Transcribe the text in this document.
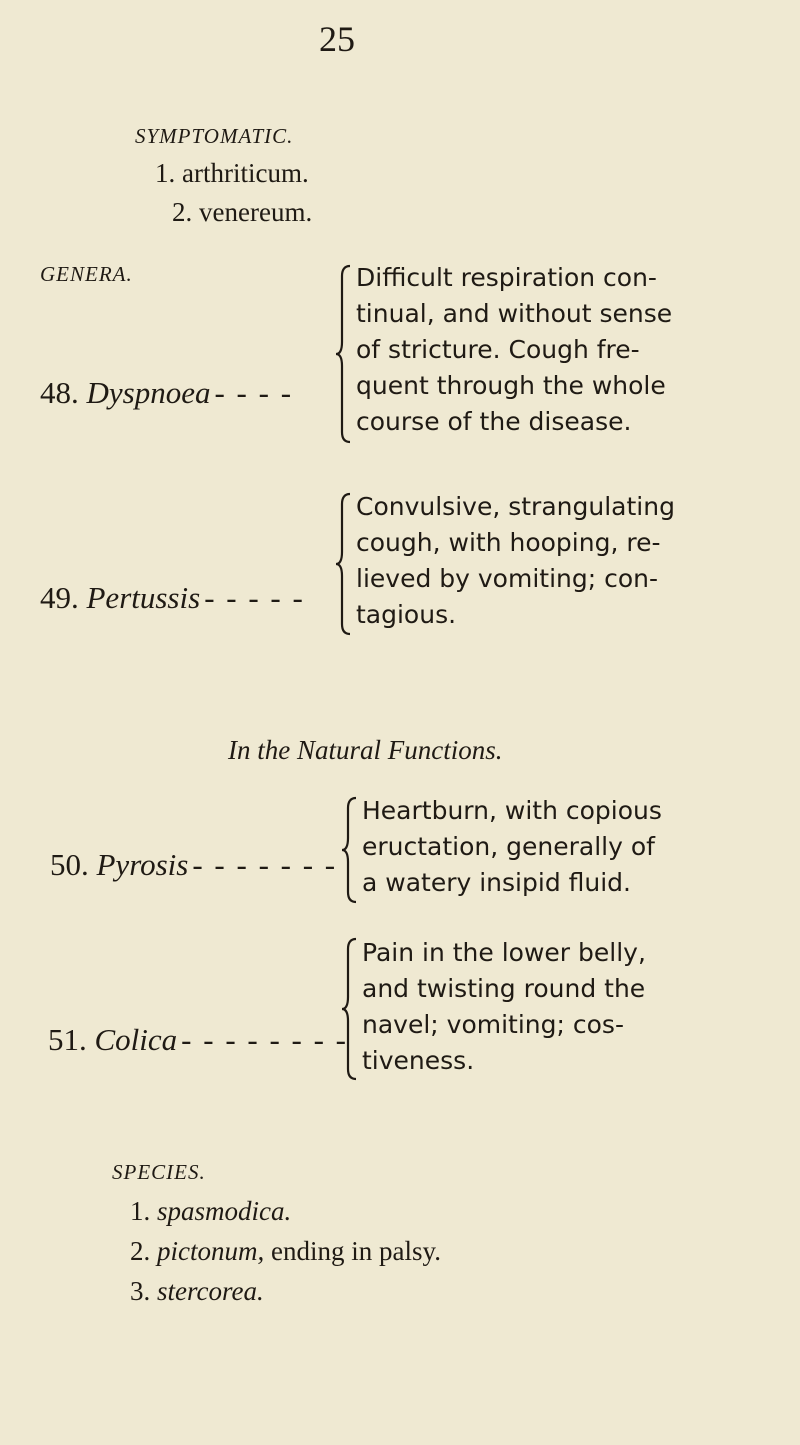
25
SYMPTOMATIC.
1. arthriticum.
2. venereum.
GENERA.
48. Dyspnoea - - - -
Difficult respiration con-
tinual, and without sense
of stricture. Cough fre-
quent through the whole
course of the disease.
49. Pertussis - - - - -
Convulsive, strangulating
cough, with hooping, re-
lieved by vomiting; con-
tagious.
In the Natural Functions.
50. Pyrosis - - - - - - -
Heartburn, with copious
eructation, generally of
a watery insipid fluid.
51. Colica - - - - - - - -
Pain in the lower belly,
and twisting round the
navel; vomiting; cos-
tiveness.
SPECIES.
1. spasmodica.
2. pictonum, ending in palsy.
3. stercorea.
